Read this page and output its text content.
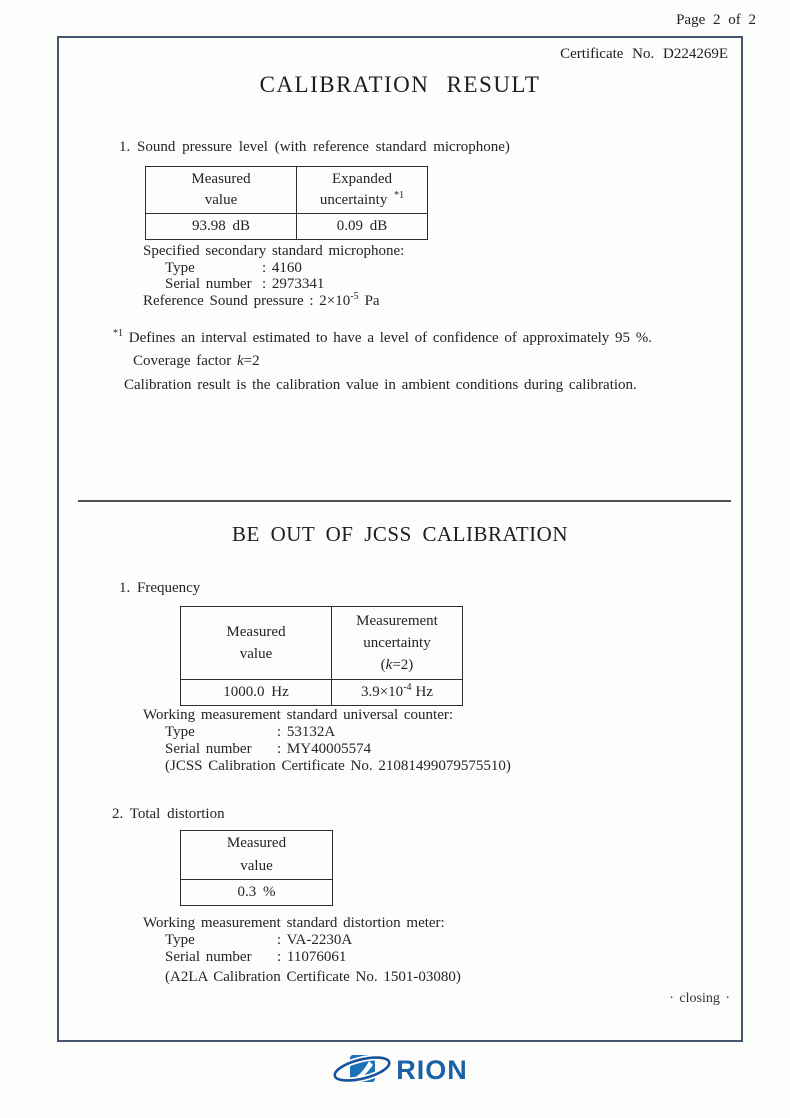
Page 2 of 2
Certificate No. D224269E
CALIBRATION RESULT
1. Sound pressure level (with reference standard microphone)
Measured
value

Expanded
uncertainty $^{*1}$

93.98 dB	0.09 dB
Specified secondary standard microphone:
Type	: 4160
Serial number : 2973341
Reference Sound pressure : $2\times 10^{-5}$ Pa
$^{*1}$ Defines an interval estimated to have a level of confidence of approximately 95 %.
Coverage factor k=2
Calibration result is the calibration value in ambient conditions during calibration.
BE OUT OF JCSS CALIBRATION
1. Frequency
Measured
value

Measurement
uncertainty
(k=2)

1000.0 Hz	$3.9\times 10^{-4}$ Hz
Working measurement standard universal counter:
Type	: 53132A
Serial number : MY40005574
(JCSS Calibration Certificate No. 21081499079575510)
2. Total distortion
Measured
value

0.3 %
Working measurement standard distortion meter:
Type	: VA-2230A
Serial number : 11076061
(A2LA Calibration Certificate No. 1501-03080)
· closing ·
RION
